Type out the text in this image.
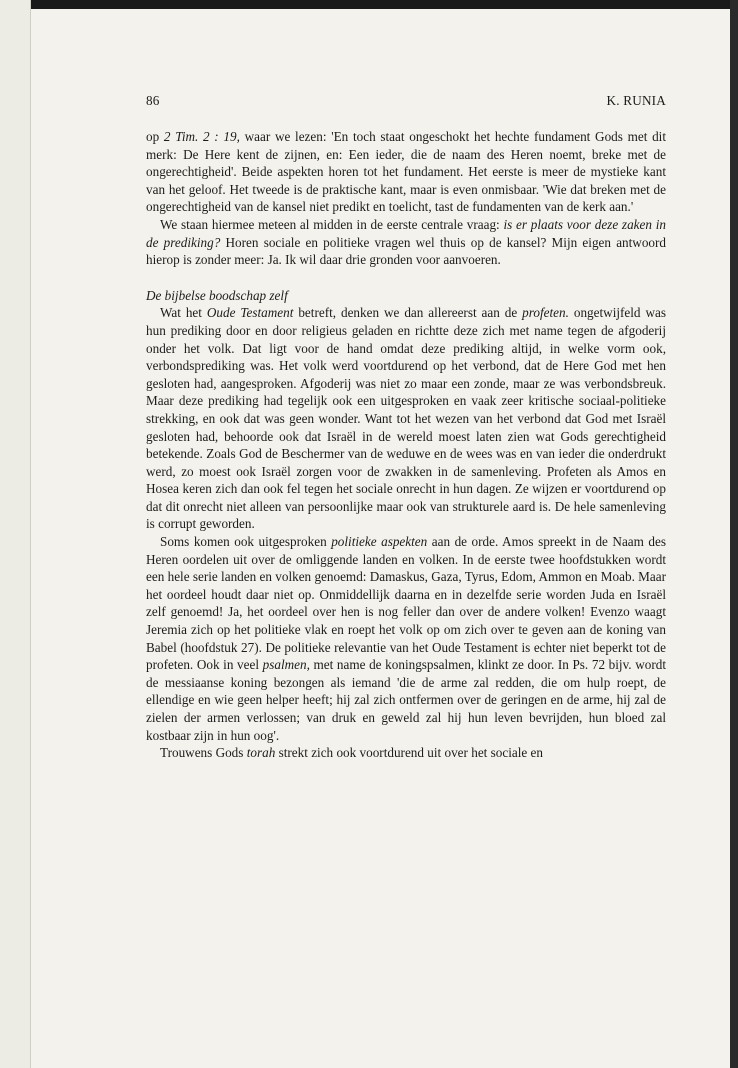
86	K. RUNIA

op 2 Tim. 2 : 19, waar we lezen: 'En toch staat ongeschokt het hechte fundament Gods met dit merk: De Here kent de zijnen, en: Een ieder, die de naam des Heren noemt, breke met de ongerechtigheid'. Beide aspekten horen tot het fundament. Het eerste is meer de mystieke kant van het geloof. Het tweede is de praktische kant, maar is even onmisbaar. 'Wie dat breken met de ongerechtigheid van de kansel niet predikt en toelicht, tast de fundamenten van de kerk aan.'

We staan hiermee meteen al midden in de eerste centrale vraag: is er plaats voor deze zaken in de prediking? Horen sociale en politieke vragen wel thuis op de kansel? Mijn eigen antwoord hierop is zonder meer: Ja. Ik wil daar drie gronden voor aanvoeren.

De bijbelse boodschap zelf

Wat het Oude Testament betreft, denken we dan allereerst aan de profeten. ongetwijfeld was hun prediking door en door religieus geladen en richtte deze zich met name tegen de afgoderij onder het volk. Dat ligt voor de hand omdat deze prediking altijd, in welke vorm ook, verbondsprediking was. Het volk werd voortdurend op het verbond, dat de Here God met hen gesloten had, aangesproken. Afgoderij was niet zo maar een zonde, maar ze was verbondsbreuk. Maar deze prediking had tegelijk ook een uitgesproken en vaak zeer kritische sociaal-politieke strekking, en ook dat was geen wonder. Want tot het wezen van het verbond dat God met Israël gesloten had, behoorde ook dat Israël in de wereld moest laten zien wat Gods gerechtigheid betekende. Zoals God de Beschermer van de weduwe en de wees was en van ieder die onderdrukt werd, zo moest ook Israël zorgen voor de zwakken in de samenleving. Profeten als Amos en Hosea keren zich dan ook fel tegen het sociale onrecht in hun dagen. Ze wijzen er voortdurend op dat dit onrecht niet alleen van persoonlijke maar ook van strukturele aard is. De hele samenleving is corrupt geworden.

Soms komen ook uitgesproken politieke aspekten aan de orde. Amos spreekt in de Naam des Heren oordelen uit over de omliggende landen en volken. In de eerste twee hoofdstukken wordt een hele serie landen en volken genoemd: Damaskus, Gaza, Tyrus, Edom, Ammon en Moab. Maar het oordeel houdt daar niet op. Onmiddellijk daarna en in dezelfde serie worden Juda en Israël zelf genoemd! Ja, het oordeel over hen is nog feller dan over de andere volken! Evenzo waagt Jeremia zich op het politieke vlak en roept het volk op om zich over te geven aan de koning van Babel (hoofdstuk 27). De politieke relevantie van het Oude Testament is echter niet beperkt tot de profeten. Ook in veel psalmen, met name de koningspsalmen, klinkt ze door. In Ps. 72 bijv. wordt de messiaanse koning bezongen als iemand 'die de arme zal redden, die om hulp roept, de ellendige en wie geen helper heeft; hij zal zich ontfermen over de geringen en de arme, hij zal de zielen der armen verlossen; van druk en geweld zal hij hun leven bevrijden, hun bloed zal kostbaar zijn in hun oog'.

Trouwens Gods torah strekt zich ook voortdurend uit over het sociale en
